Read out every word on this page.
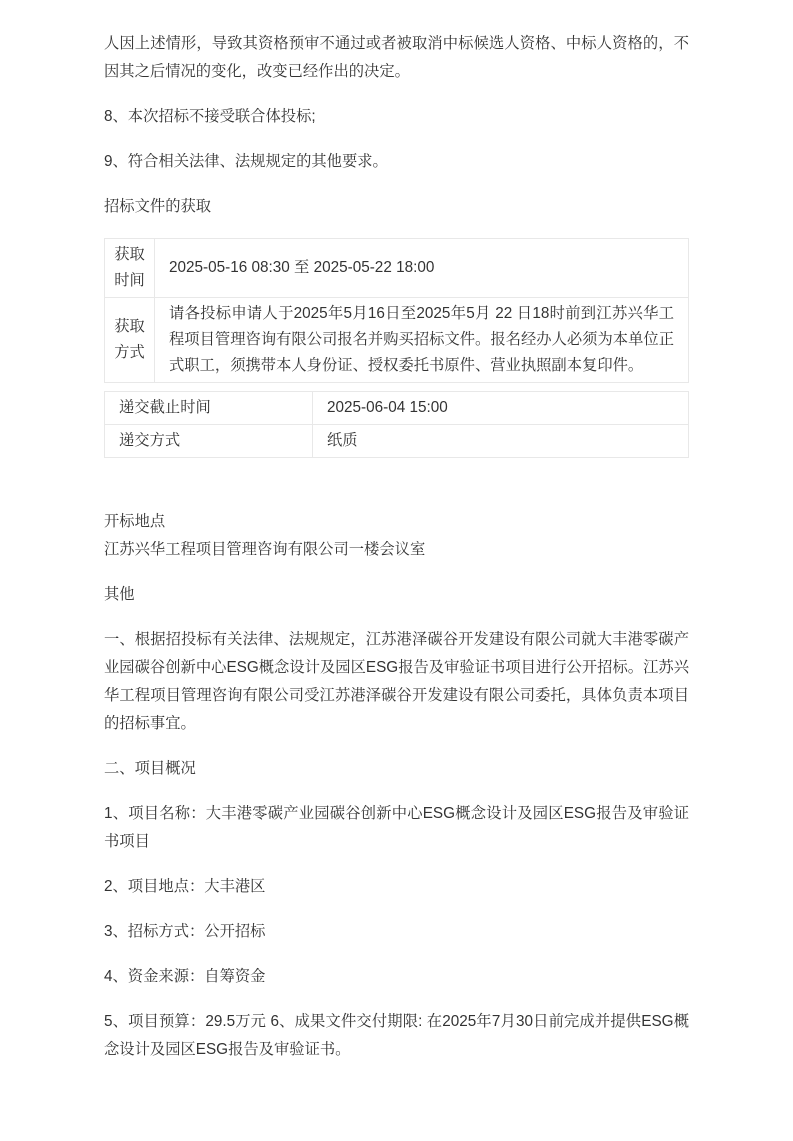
人因上述情形，导致其资格预审不通过或者被取消中标候选人资格、中标人资格的，不因其之后情况的变化，改变已经作出的决定。

8、本次招标不接受联合体投标;

9、符合相关法律、法规规定的其他要求。

招标文件的获取

获取时间	2025-05-16 08:30 至 2025-05-22 18:00
获取方式	请各投标申请人于2025年5月16日至2025年5月 22 日18时前到江苏兴华工程项目管理咨询有限公司报名并购买招标文件。报名经办人必须为本单位正式职工，须携带本人身份证、授权委托书原件、营业执照副本复印件。
递交截止时间	2025-06-04 15:00
递交方式	纸质
开标地点
江苏兴华工程项目管理咨询有限公司一楼会议室

其他

一、根据招投标有关法律、法规规定，江苏港泽碳谷开发建设有限公司就大丰港零碳产业园碳谷创新中心ESG概念设计及园区ESG报告及审验证书项目进行公开招标。江苏兴华工程项目管理咨询有限公司受江苏港泽碳谷开发建设有限公司委托，具体负责本项目的招标事宜。

二、项目概况

1、项目名称：大丰港零碳产业园碳谷创新中心ESG概念设计及园区ESG报告及审验证书项目

2、项目地点：大丰港区

3、招标方式：公开招标

4、资金来源：自筹资金

5、项目预算：29.5万元 6、成果文件交付期限: 在2025年7月30日前完成并提供ESG概念设计及园区ESG报告及审验证书。
